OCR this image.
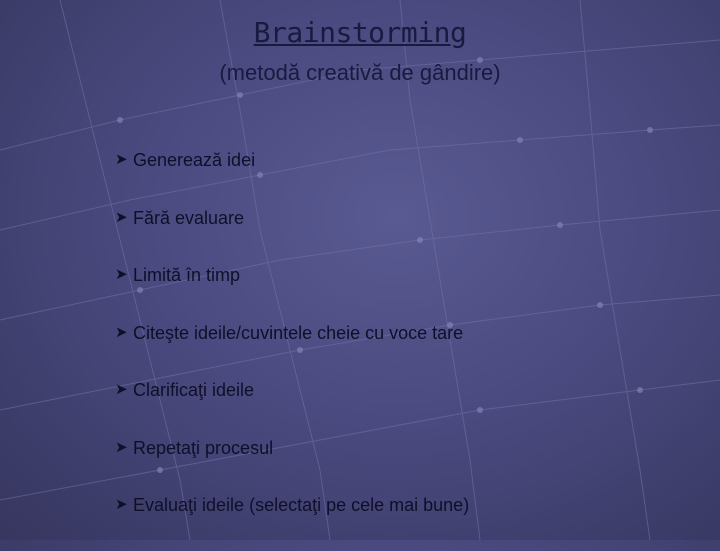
Brainstorming
(metodă creativă de gândire)
➤ Generează idei
➤ Fără evaluare
➤ Limită în timp
➤ Citeşte ideile/cuvintele cheie cu voce tare
➤ Clarificaţi ideile
➤ Repetaţi procesul
➤ Evaluaţi ideile (selectaţi pe cele mai bune)
